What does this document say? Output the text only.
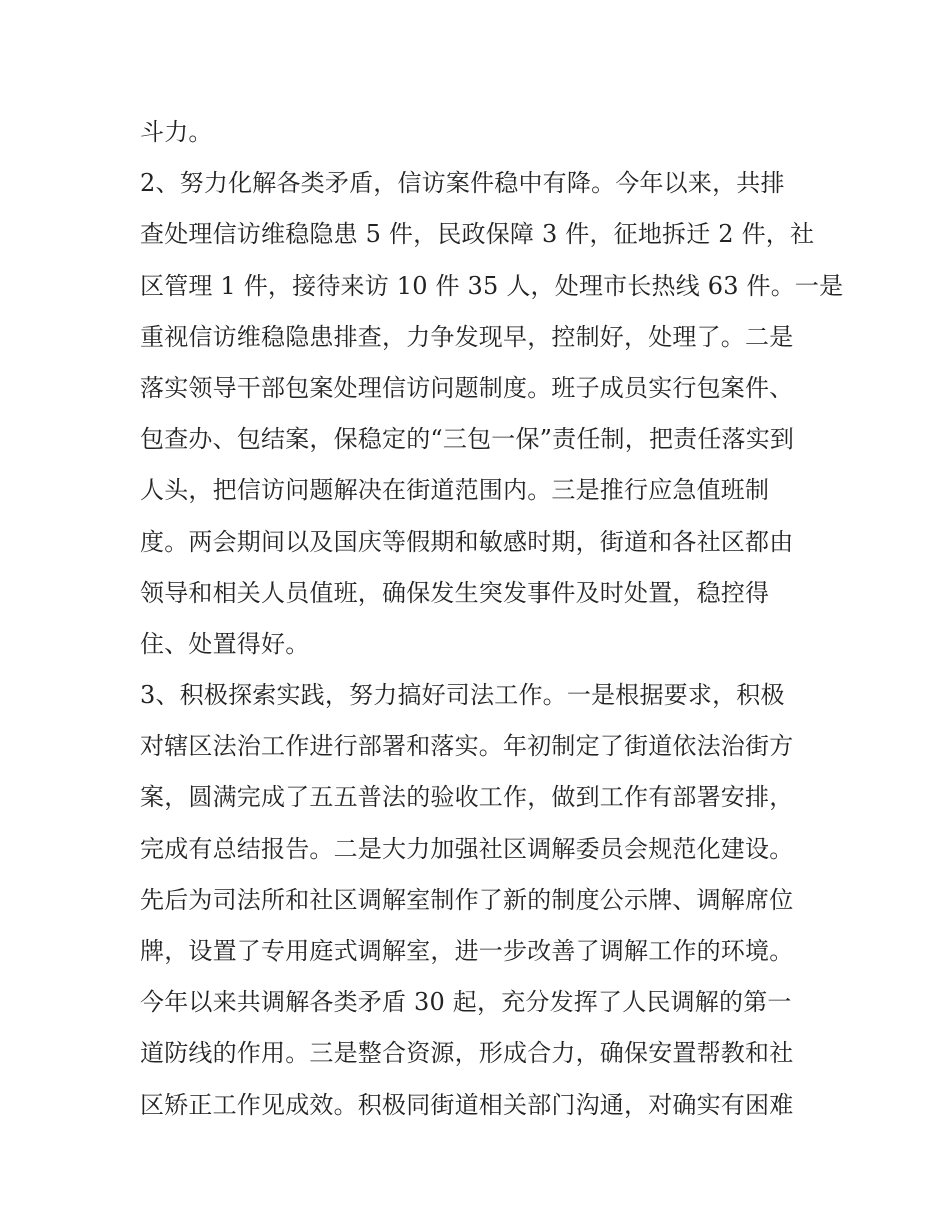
斗力。
2、努力化解各类矛盾，信访案件稳中有降。今年以来，共排
查处理信访维稳隐患 5 件，民政保障 3 件，征地拆迁 2 件，社
区管理 1 件，接待来访 10 件 35 人，处理市长热线 63 件。一是
重视信访维稳隐患排查，力争发现早，控制好，处理了。二是
落实领导干部包案处理信访问题制度。班子成员实行包案件、
包查办、包结案，保稳定的“三包一保”责任制，把责任落实到
人头，把信访问题解决在街道范围内。三是推行应急值班制
度。两会期间以及国庆等假期和敏感时期，街道和各社区都由
领导和相关人员值班，确保发生突发事件及时处置，稳控得
住、处置得好。
3、积极探索实践，努力搞好司法工作。一是根据要求，积极
对辖区法治工作进行部署和落实。年初制定了街道依法治街方
案，圆满完成了五五普法的验收工作，做到工作有部署安排，
完成有总结报告。二是大力加强社区调解委员会规范化建设。
先后为司法所和社区调解室制作了新的制度公示牌、调解席位
牌，设置了专用庭式调解室，进一步改善了调解工作的环境。
今年以来共调解各类矛盾 30 起，充分发挥了人民调解的第一
道防线的作用。三是整合资源，形成合力，确保安置帮教和社
区矫正工作见成效。积极同街道相关部门沟通，对确实有困难
